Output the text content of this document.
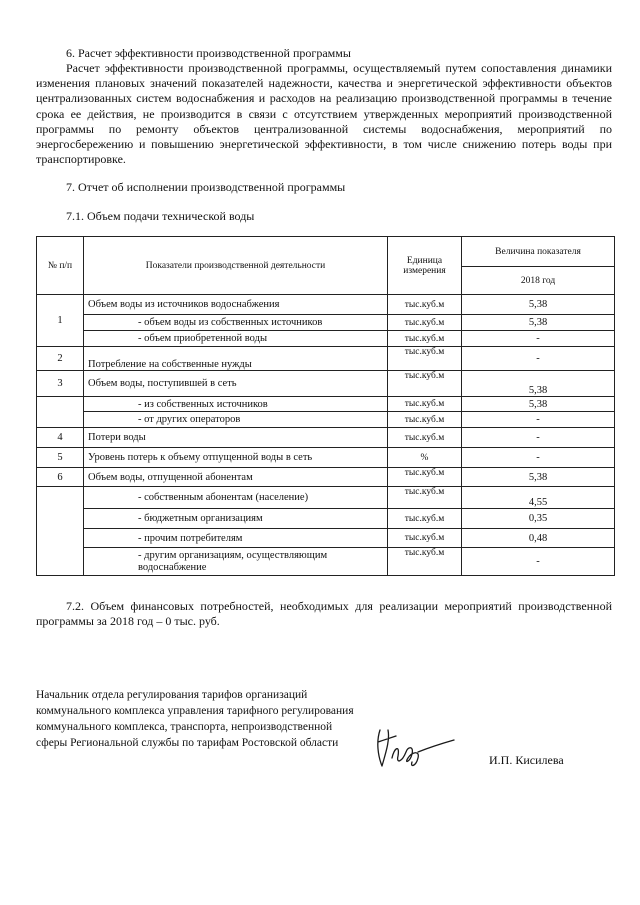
6. Расчет эффективности производственной программы
Расчет эффективности производственной программы, осуществляемый путем сопоставления динамики изменения плановых значений показателей надежности, качества и энергетической эффективности объектов централизованных систем водоснабжения и расходов на реализацию производственной программы в течение срока ее действия, не производится в связи с отсутствием утвержденных мероприятий производственной программы по ремонту объектов централизованной системы водоснабжения, мероприятий по энергосбережению и повышению энергетической эффективности, в том числе снижению потерь воды при транспортировке.
7. Отчет об исполнении производственной программы
7.1. Объем подачи технической воды
№ п/п	Показатели производственной деятельности	Единица измерения	Величина показателя
			2018 год
1	Объем воды из источников водоснабжения	тыс.куб.м	5,38
	- объем воды из собственных источников	тыс.куб.м	5,38
	- объем приобретенной воды	тыс.куб.м	-
2	Потребление на собственные нужды	тыс.куб.м	-
3	Объем воды, поступившей в сеть	тыс.куб.м	5,38
	- из собственных источников	тыс.куб.м	5,38
	- от других операторов	тыс.куб.м	-
4	Потери воды	тыс.куб.м	-
5	Уровень потерь к объему отпущенной воды в сеть	%	-
6	Объем воды, отпущенной абонентам	тыс.куб.м	5,38
	- собственным абонентам (население)	тыс.куб.м	4,55
	- бюджетным организациям	тыс.куб.м	0,35
	- прочим потребителям	тыс.куб.м	0,48
	- другим организациям, осуществляющим водоснабжение	тыс.куб.м	-
7.2. Объем финансовых потребностей, необходимых для реализации мероприятий производственной программы за 2018 год – 0 тыс. руб.
Начальник отдела регулирования тарифов организаций коммунального комплекса управления тарифного регулирования коммунального комплекса, транспорта, непроизводственной сферы Региональной службы по тарифам Ростовской области
И.П. Кисилева
